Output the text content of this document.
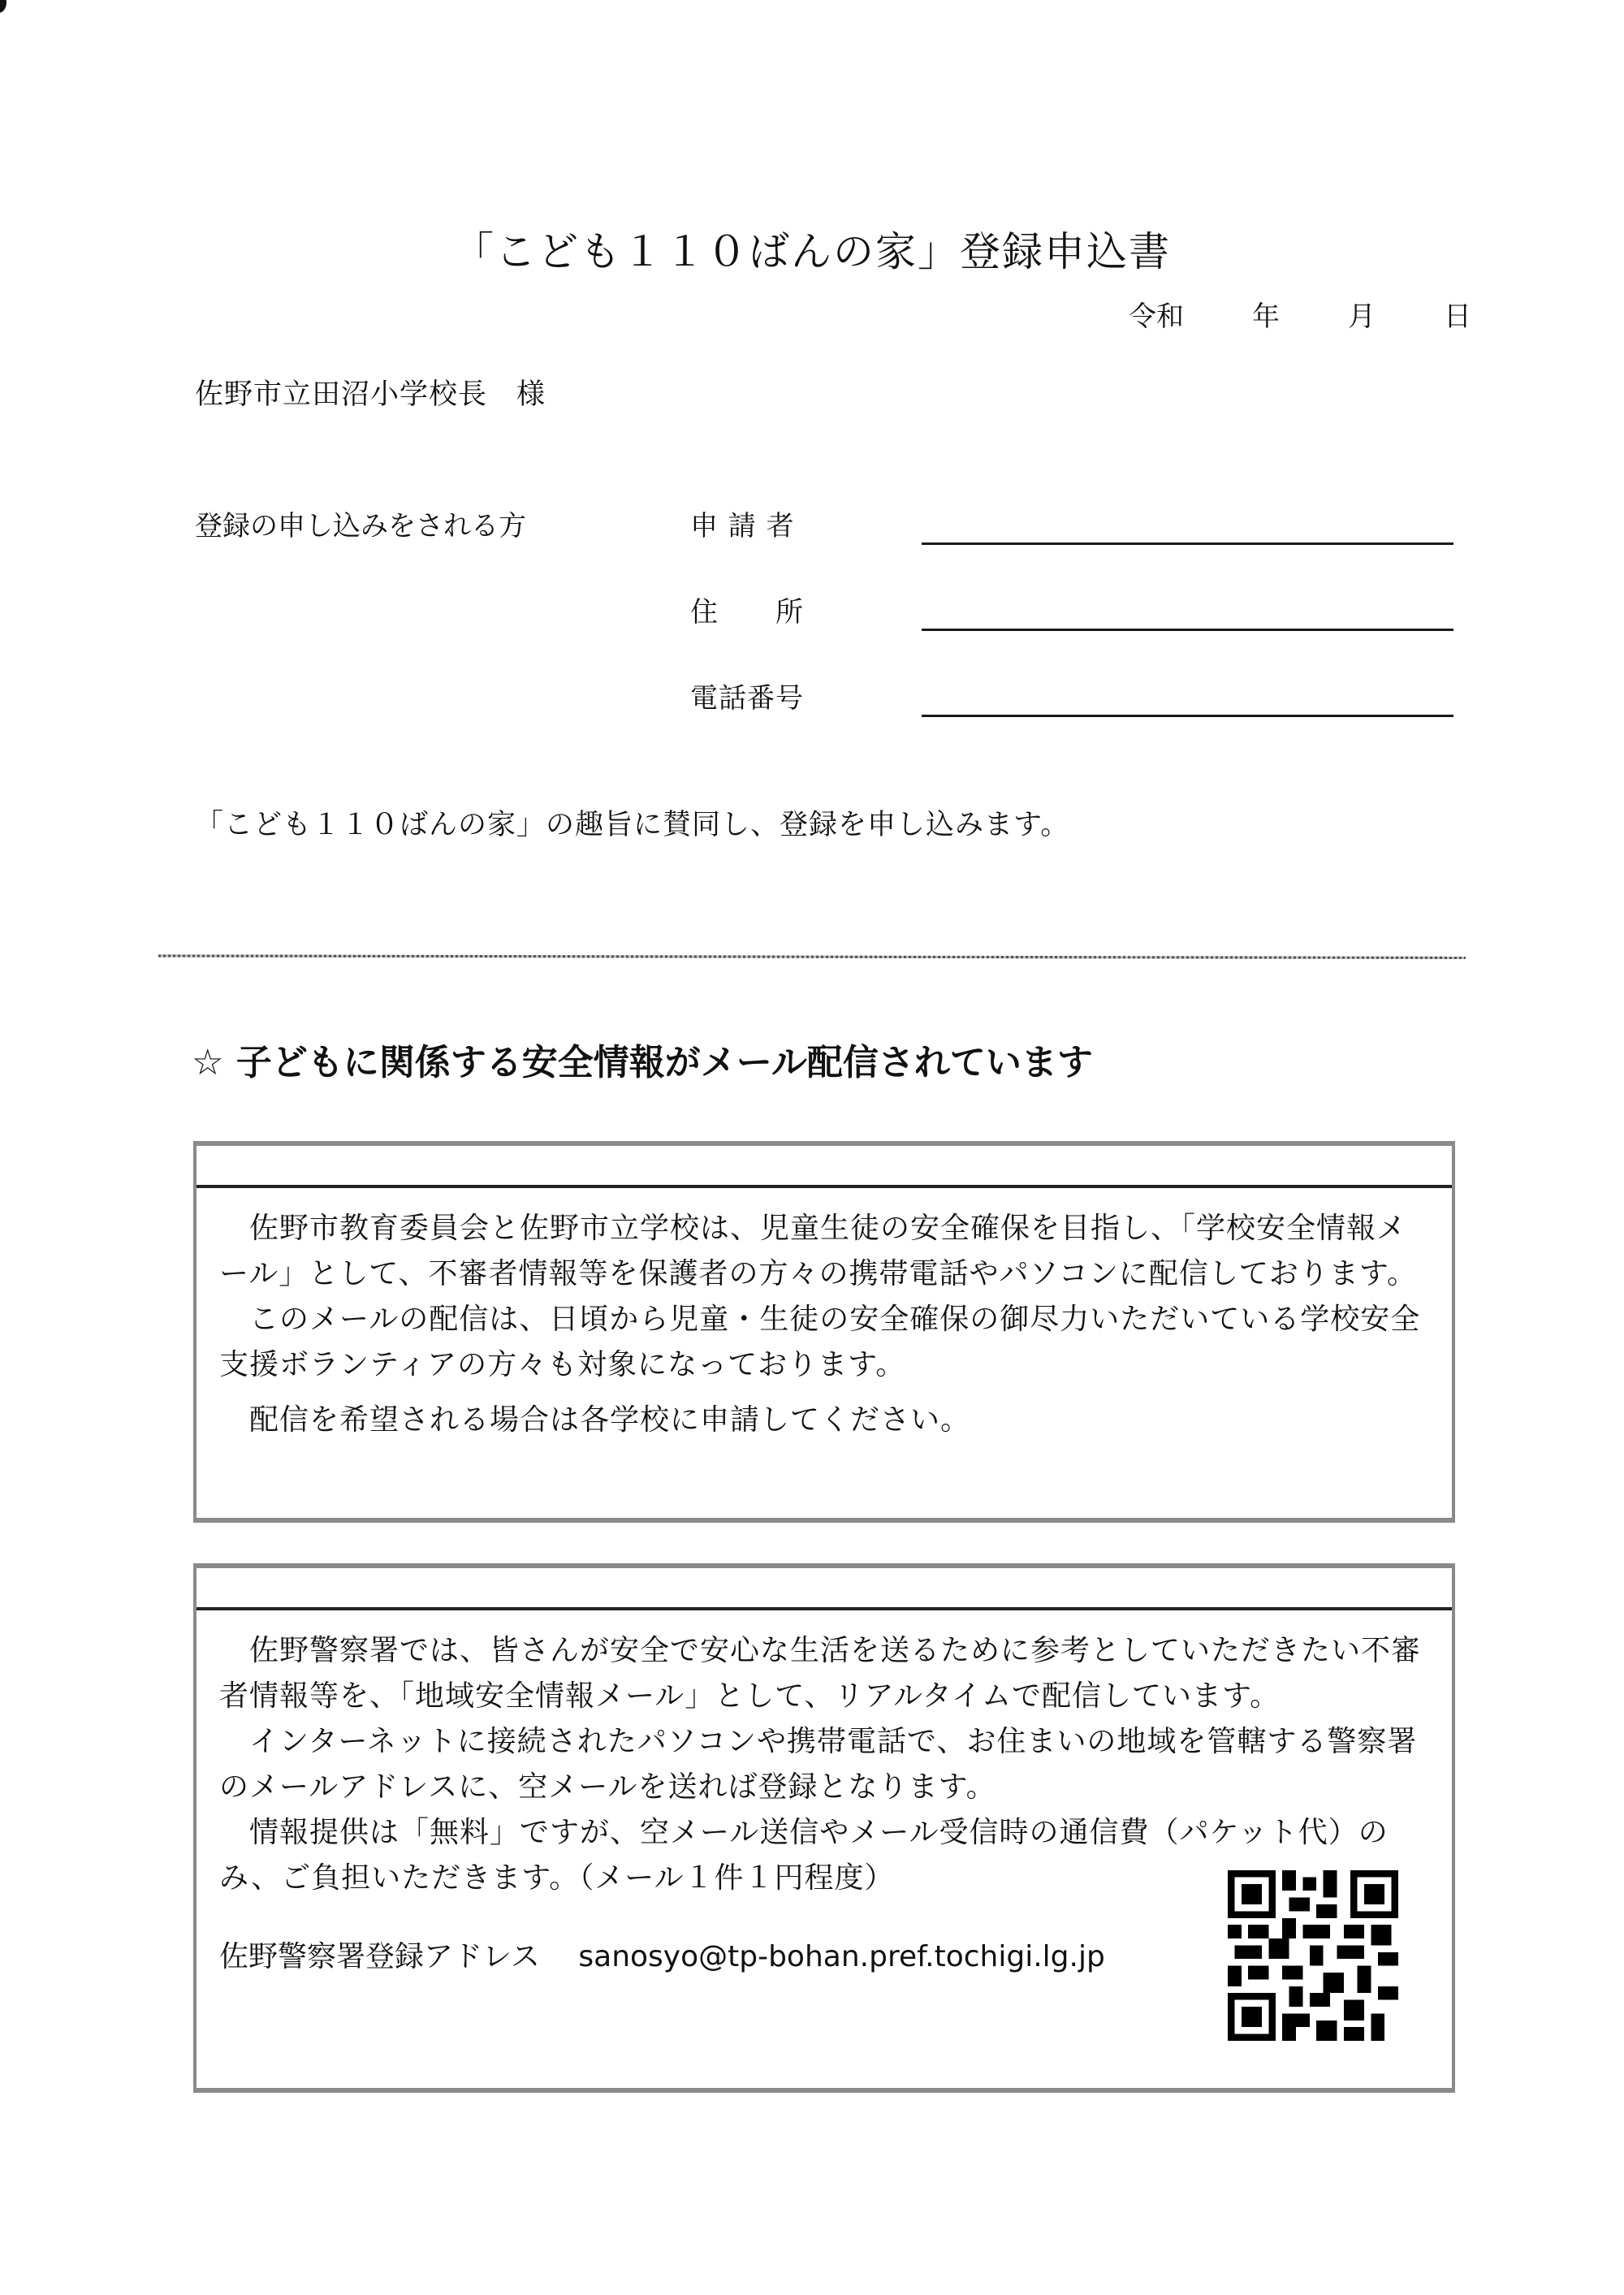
「こども１１０ばんの家」登録申込書
令和	年	月	日
佐野市立田沼小学校長　様
登録の申し込みをされる方	申 請 者
住　　所
電話番号
「こども１１０ばんの家」の趣旨に賛同し、登録を申し込みます。
☆ 子どもに関係する安全情報がメール配信されています

　佐野市教育委員会と佐野市立学校は、児童生徒の安全確保を目指し、「学校安全情報メール」として、不審者情報等を保護者の方々の携帯電話やパソコンに配信しております。

　このメールの配信は、日頃から児童・生徒の安全確保の御尽力いただいている学校安全支援ボランティアの方々も対象になっております。

　配信を希望される場合は各学校に申請してください。

　佐野警察署では、皆さんが安全で安心な生活を送るために参考としていただきたい不審者情報等を、「地域安全情報メール」として、リアルタイムで配信しています。

　インターネットに接続されたパソコンや携帯電話で、お住まいの地域を管轄する警察署のメールアドレスに、空メールを送れば登録となります。

　情報提供は「無料」ですが、空メール送信やメール受信時の通信費（パケット代）のみ、ご負担いただきます。（メール１件１円程度）

佐野警察署登録アドレス sanosyo@tp-bohan.pref.tochigi.lg.jp
